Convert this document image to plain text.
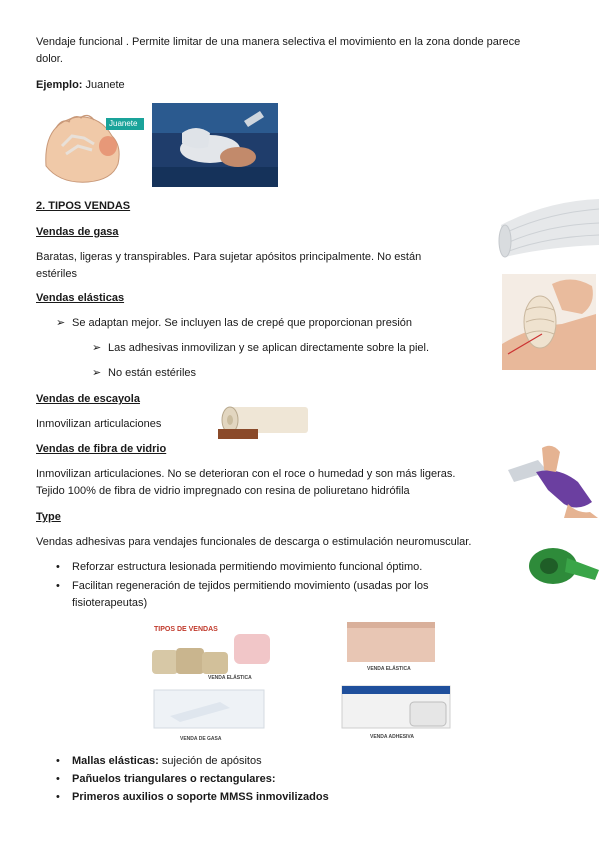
Vendaje funcional . Permite limitar de una manera selectiva el movimiento en la zona donde parece

dolor.

Ejemplo: Juanete

Juanete

2. TIPOS VENDAS

Vendas de gasa

Baratas, ligeras y transpirables. Para sujetar apósitos principalmente. No están

estériles

Vendas elásticas

➢ Se adaptan mejor. Se incluyen las de crepé que proporcionan presión
➢ Las adhesivas inmovilizan y se aplican directamente sobre la piel.
➢ No están estériles

Vendas de escayola

Inmovilizan articulaciones

Vendas de fibra de vidrio

Inmovilizan articulaciones. No se deterioran con el roce o humedad y son más ligeras.

Tejido 100% de fibra de vidrio impregnado con resina de poliuretano hidrófila

Type

Vendas adhesivas para vendajes funcionales de descarga o estimulación neuromuscular.

• Reforzar estructura lesionada permitiendo movimiento funcional óptimo.
• Facilitan regeneración de tejidos permitiendo movimiento (usadas por los

fisioterapeutas)

TIPOS DE VENDAS
VENDA ELÁSTICA
VENDA ELÁSTICA
VENDA DE GASA	VENDA ADHESIVA
• Mallas elásticas: sujeción de apósitos
• Pañuelos triangulares o rectangulares:
• Primeros auxilios o soporte MMSS inmovilizados
